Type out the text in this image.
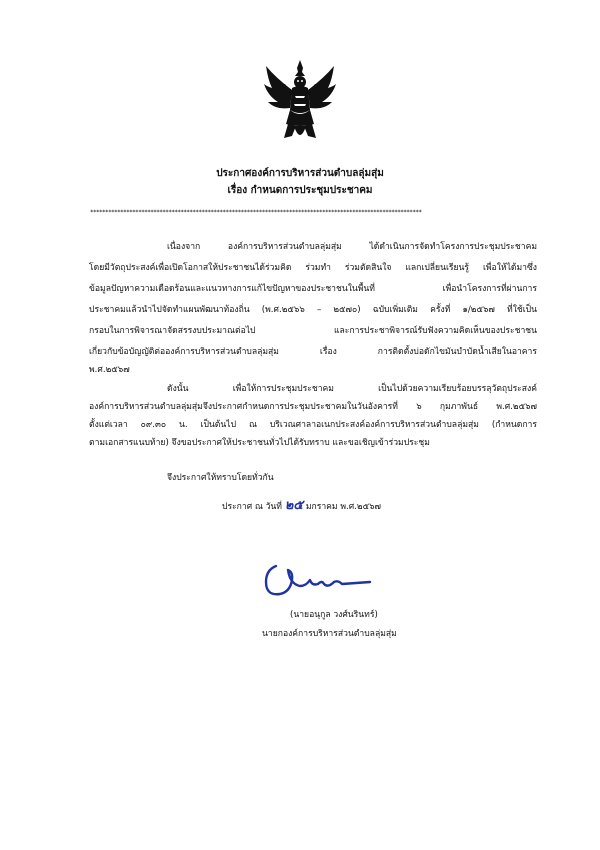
ประกาศองค์การบริหารส่วนตำบลลุ่มสุ่ม
เรื่อง กำหนดการประชุมประชาคม
**************************************************************************************************************
เนื่องจาก องค์การบริหารส่วนตำบลลุ่มสุ่ม ได้ดำเนินการจัดทำโครงการประชุมประชาคม
โดยมีวัตถุประสงค์เพื่อเปิดโอกาสให้ประชาชนได้ร่วมคิด ร่วมทำ ร่วมตัดสินใจ แลกเปลี่ยนเรียนรู้ เพื่อให้ได้มาซึ่ง
ข้อมูลปัญหาความเดือดร้อนและแนวทางการแก้ไขปัญหาของประชาชนในพื้นที่ เพื่อนำโครงการที่ผ่านการ
ประชาคมแล้วนำไปจัดทำแผนพัฒนาท้องถิ่น (พ.ศ.๒๕๖๖ – ๒๕๗๐) ฉบับเพิ่มเติม ครั้งที่ ๑/๒๕๖๗ ที่ใช้เป็น
กรอบในการพิจารณาจัดสรรงบประมาณต่อไป และการประชาพิจารณ์รับฟังความคิดเห็นของประชาชน
เกี่ยวกับข้อบัญญัติต่อองค์การบริหารส่วนตำบลลุ่มสุ่ม เรื่อง การติดตั้งบ่อดักไขมันบำบัดน้ำเสียในอาคาร
พ.ศ.๒๕๖๗
ดังนั้น เพื่อให้การประชุมประชาคม เป็นไปด้วยความเรียบร้อยบรรลุวัตถุประสงค์
องค์การบริหารส่วนตำบลลุ่มสุ่มจึงประกาศกำหนดการประชุมประชาคมในวันอังคารที่ ๖ กุมภาพันธ์ พ.ศ.๒๕๖๗
ตั้งแต่เวลา ๐๙.๓๐ น. เป็นต้นไป ณ บริเวณศาลาอเนกประสงค์องค์การบริหารส่วนตำบลลุ่มสุ่ม (กำหนดการ
ตามเอกสารแนบท้าย) จึงขอประกาศให้ประชาชนทั่วไปได้รับทราบ และขอเชิญเข้าร่วมประชุม
จึงประกาศให้ทราบโดยทั่วกัน
ประกาศ ณ วันที่ ๒๕ มกราคม พ.ศ.๒๕๖๗
(นายอนุกูล วงศ์นรินทร์)
นายกองค์การบริหารส่วนตำบลลุ่มสุ่ม
